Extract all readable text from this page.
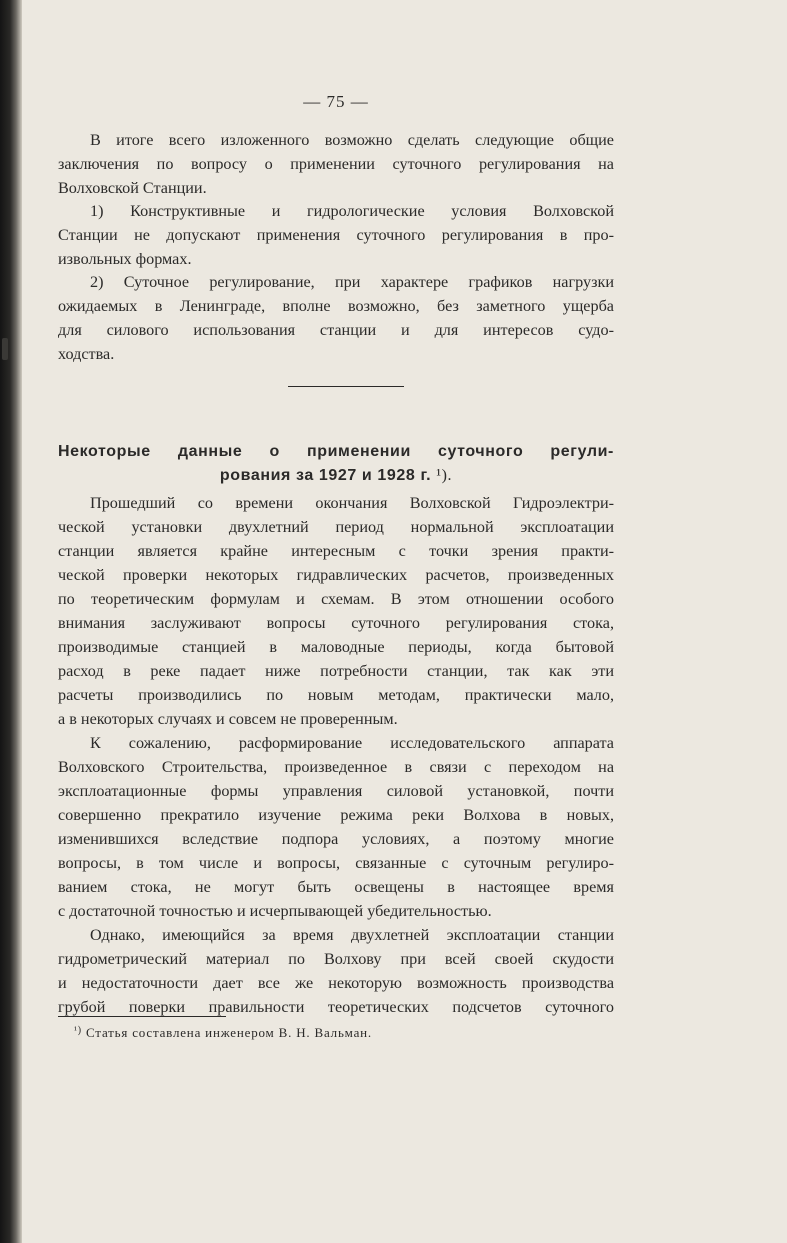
— 75 —
В итоге всего изложенного возможно сделать следующие общие
заключения по вопросу о применении суточного регулирования на
Волховской Станции.
1) Конструктивные и гидрологические условия Волховской
Станции не допускают применения суточного регулирования в про-
извольных формах.
2) Суточное регулирование, при характере графиков нагрузки
ожидаемых в Ленинграде, вполне возможно, без заметного ущерба
для силового использования станции и для интересов судо-
ходства.
Некоторые данные о применении суточного регули-
рования за 1927 и 1928 г. ¹).
Прошедший со времени окончания Волховской Гидроэлектри-
ческой установки двухлетний период нормальной эксплоатации
станции является крайне интересным с точки зрения практи-
ческой проверки некоторых гидравлических расчетов, произведенных
по теоретическим формулам и схемам. В этом отношении особого
внимания заслуживают вопросы суточного регулирования стока,
производимые станцией в маловодные периоды, когда бытовой
расход в реке падает ниже потребности станции, так как эти
расчеты производились по новым методам, практически мало,
а в некоторых случаях и совсем не проверенным.
К сожалению, расформирование исследовательского аппарата
Волховского Строительства, произведенное в связи с переходом на
эксплоатационные формы управления силовой установкой, почти
совершенно прекратило изучение режима реки Волхова в новых,
изменившихся вследствие подпора условиях, а поэтому многие
вопросы, в том числе и вопросы, связанные с суточным регулиро-
ванием стока, не могут быть освещены в настоящее время
с достаточной точностью и исчерпывающей убедительностью.
Однако, имеющийся за время двухлетней эксплоатации станции
гидрометрический материал по Волхову при всей своей скудости
и недостаточности дает все же некоторую возможность производства
грубой поверки правильности теоретических подсчетов суточного
$^{^1)}$ Статья составлена инженером В. Н. Вальман.
